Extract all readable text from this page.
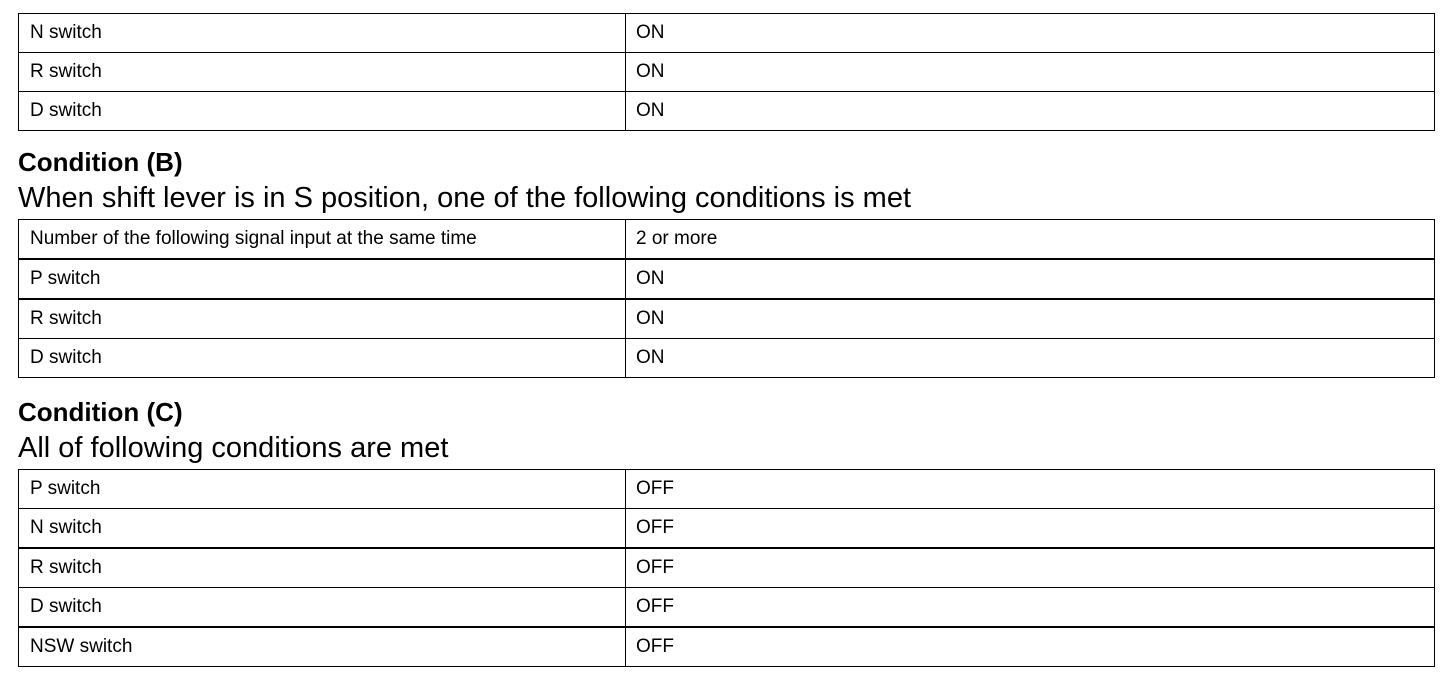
N switch	ON
R switch	ON
D switch	ON
Condition (B)

When shift lever is in S position, one of the following conditions is met

Number of the following signal input at the same time	2 or more
P switch	ON
R switch	ON
D switch	ON
Condition (C)

All of following conditions are met

P switch	OFF
N switch	OFF
R switch	OFF
D switch	OFF
NSW switch	OFF
